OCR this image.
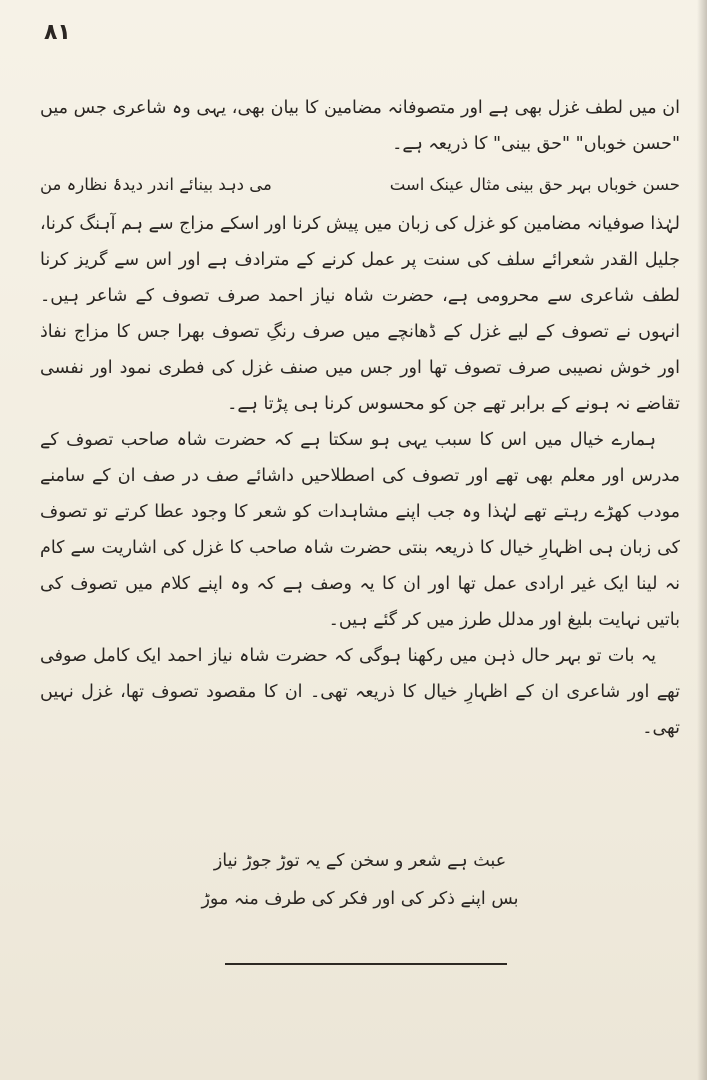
۸۱

ان میں لطف غزل بھی ہے اور متصوفانہ مضامین کا بیان بھی، یہی وہ شاعری جس میں "حسن خوباں" "حق بینی" کا ذریعہ ہے۔

حسن خوباں بہر حق بینی مثال عینک است
می دہد بینائے اندر دیدۂ نظارہ من

لہٰذا صوفیانہ مضامین کو غزل کی زبان میں پیش کرنا اور اسکے مزاج سے ہم آہنگ کرنا، جلیل القدر شعرائے سلف کی سنت پر عمل کرنے کے مترادف ہے اور اس سے گریز کرنا لطف شاعری سے محرومی ہے، حضرت شاہ نیاز احمد صرف تصوف کے شاعر ہیں۔ انہوں نے تصوف کے لیے غزل کے ڈھانچے میں صرف رنگِ تصوف بھرا جس کا مزاج نفاذ اور خوش نصیبی صرف تصوف تھا اور جس میں صنف غزل کی فطری نمود اور نفسی تقاضے نہ ہونے کے برابر تھے جن کو محسوس کرنا ہی پڑتا ہے۔

ہمارے خیال میں اس کا سبب یہی ہو سکتا ہے کہ حضرت شاہ صاحب تصوف کے مدرس اور معلم بھی تھے اور تصوف کی اصطلاحیں داشائے صف در صف ان کے سامنے مودب کھڑے رہتے تھے لہٰذا وہ جب اپنے مشاہدات کو شعر کا وجود عطا کرتے تو تصوف کی زبان ہی اظہارِ خیال کا ذریعہ بنتی حضرت شاہ صاحب کا غزل کی اشاریت سے کام نہ لینا ایک غیر ارادی عمل تھا اور ان کا یہ وصف ہے کہ وہ اپنے کلام میں تصوف کی باتیں نہایت بلیغ اور مدلل طرز میں کر گئے ہیں۔

یہ بات تو بہر حال ذہن میں رکھنا ہوگی کہ حضرت شاہ نیاز احمد ایک کامل صوفی تھے اور شاعری ان کے اظہارِ خیال کا ذریعہ تھی۔ ان کا مقصود تصوف تھا، غزل نہیں تھی۔

عبث ہے شعر و سخن کے یہ توڑ جوڑ نیاز
بس اپنے ذکر کی اور فکر کی طرف منہ موڑ
